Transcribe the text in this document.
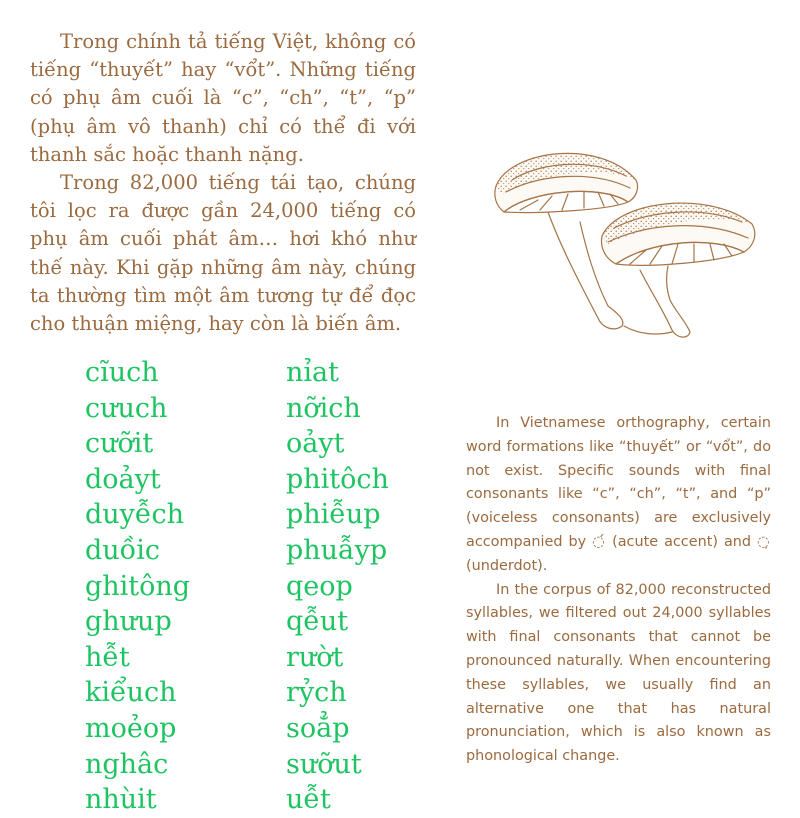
Trong chính tả tiếng Việt, không có tiếng “thuyết” hay “vổt”. Những tiếng có phụ âm cuối là “c”, “ch”, “t”, “p” (phụ âm vô thanh) chỉ có thể đi với thanh sắc hoặc thanh nặng.

Trong 82,000 tiếng tái tạo, chúng tôi lọc ra được gần 24,000 tiếng có phụ âm cuối phát âm… hơi khó như thế này. Khi gặp những âm này, chúng ta thường tìm một âm tương tự để đọc cho thuận miệng, hay còn là biến âm.

cĩuch
cưuch
cưỡit
doảyt
duyễch
duồic
ghitông
ghưup
hễt
kiểuch
moẻop
nghâc
nhùit
nỉat
nỡich
oảyt
phitôch
phiễup
phuẫyp
qeop
qễut
rườt
rỷch
soẳp
sưỡut
uễt

In Vietnamese orthography, certain word formations like “thuyết” or “vổt”, do not exist. Specific sounds with final consonants like “c”, “ch”, “t”, and “p” (voiceless consonants) are exclusively accompanied by ◌́ (acute accent) and ◌̣ (underdot).

In the corpus of 82,000 reconstructed syllables, we filtered out 24,000 syllables with final consonants that cannot be pronounced naturally. When encountering these syllables, we usually find an alternative one that has natural pronunciation, which is also known as phonological change.
